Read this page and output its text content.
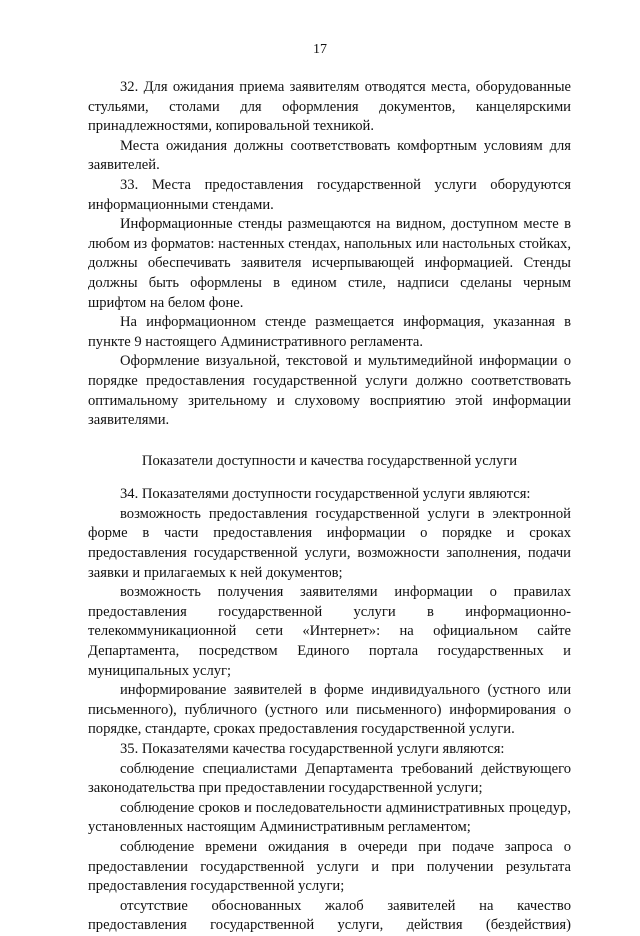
17

32. Для ожидания приема заявителям отводятся места, оборудованные стульями, столами для оформления документов, канцелярскими принадлежностями, копировальной техникой.

Места ожидания должны соответствовать комфортным условиям для заявителей.

33. Места предоставления государственной услуги оборудуются информационными стендами.

Информационные стенды размещаются на видном, доступном месте в любом из форматов: настенных стендах, напольных или настольных стойках, должны обеспечивать заявителя исчерпывающей информацией. Стенды должны быть оформлены в едином стиле, надписи сделаны черным шрифтом на белом фоне.

На информационном стенде размещается информация, указанная в пункте 9 настоящего Административного регламента.

Оформление визуальной, текстовой и мультимедийной информации о порядке предоставления государственной услуги должно соответствовать оптимальному зрительному и слуховому восприятию этой информации заявителями.

Показатели доступности и качества государственной услуги

34. Показателями доступности государственной услуги являются:

возможность предоставления государственной услуги в электронной форме в части предоставления информации о порядке и сроках предоставления государственной услуги, возможности заполнения, подачи заявки и прилагаемых к ней документов;

возможность получения заявителями информации о правилах предоставления государственной услуги в информационно-телекоммуникационной сети «Интернет»: на официальном сайте Департамента, посредством Единого портала государственных и муниципальных услуг;

информирование заявителей в форме индивидуального (устного или письменного), публичного (устного или письменного) информирования о порядке, стандарте, сроках предоставления государственной услуги.

35. Показателями качества государственной услуги являются:

соблюдение специалистами Департамента требований действующего законодательства при предоставлении государственной услуги;

соблюдение сроков и последовательности административных процедур, установленных настоящим Административным регламентом;

соблюдение времени ожидания в очереди при подаче запроса о предоставлении государственной услуги и при получении результата предоставления государственной услуги;

отсутствие обоснованных жалоб заявителей на качество предоставления государственной услуги, действия (бездействия)
